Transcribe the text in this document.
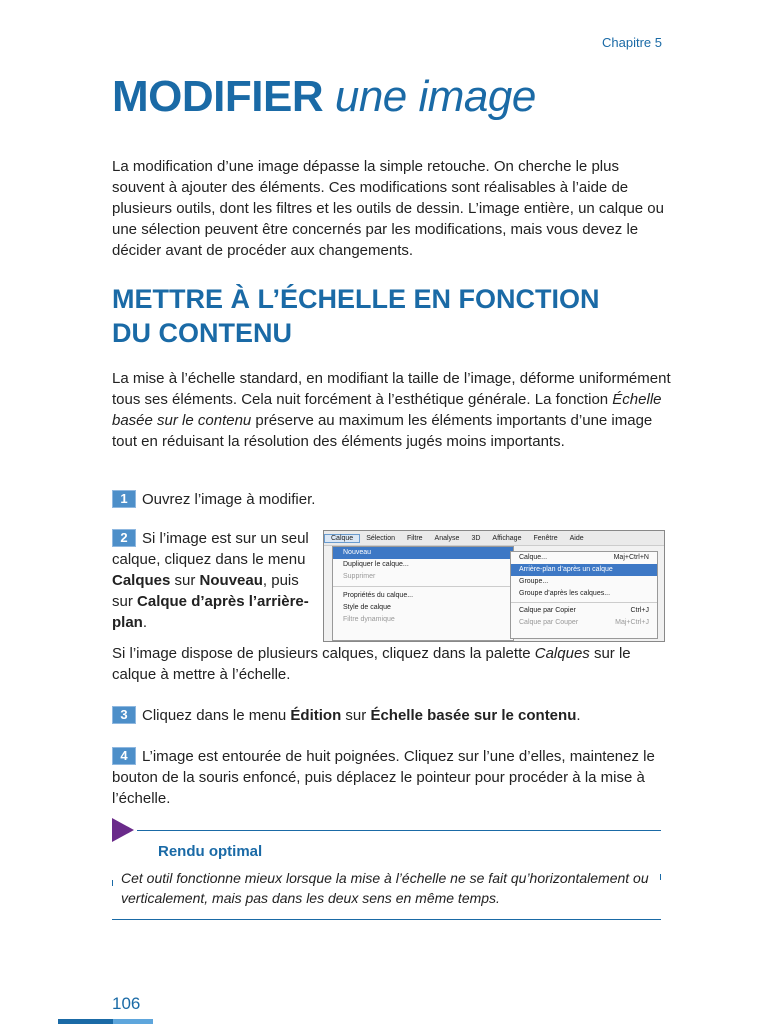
Chapitre 5
MODIFIER une image
La modification d’une image dépasse la simple retouche. On cherche le plus souvent à ajouter des éléments. Ces modifications sont réalisables à l’aide de plusieurs outils, dont les filtres et les outils de dessin. L’image entière, un calque ou une sélection peuvent être concernés par les modifications, mais vous devez le décider avant de procéder aux changements.
METTRE À L’ÉCHELLE EN FONCTION
DU CONTENU
La mise à l’échelle standard, en modifiant la taille de l’image, déforme uniformément tous ses éléments. Cela nuit forcément à l’esthétique générale. La fonction Échelle basée sur le contenu préserve au maximum les éléments importants d’une image tout en réduisant la résolution des éléments jugés moins importants.
1 Ouvrez l’image à modifier.
2 Si l’image est sur un seul calque, cliquez dans le menu Calques sur Nouveau, puis sur Calque d’après l’arrière-plan.
Calque	Sélection	Filtre	Analyse	3D	Affichage	Fenêtre	Aide
Nouveau
Dupliquer le calque...
Supprimer
Propriétés du calque...
Style de calque
Filtre dynamique
Calque...	Maj+Ctrl+N
Arrière-plan d’après un calque
Groupe...
Groupe d’après les calques...
Calque par Copier	Ctrl+J
Calque par Couper	Maj+Ctrl+J
Si l’image dispose de plusieurs calques, cliquez dans la palette Calques sur le calque à mettre à l’échelle.
3 Cliquez dans le menu Édition sur Échelle basée sur le contenu.
4 L’image est entourée de huit poignées. Cliquez sur l’une d’elles, maintenez le bouton de la souris enfoncé, puis déplacez le pointeur pour procéder à la mise à l’échelle.
Rendu optimal
Cet outil fonctionne mieux lorsque la mise à l’échelle ne se fait qu’horizontalement ou verticalement, mais pas dans les deux sens en même temps.
106
